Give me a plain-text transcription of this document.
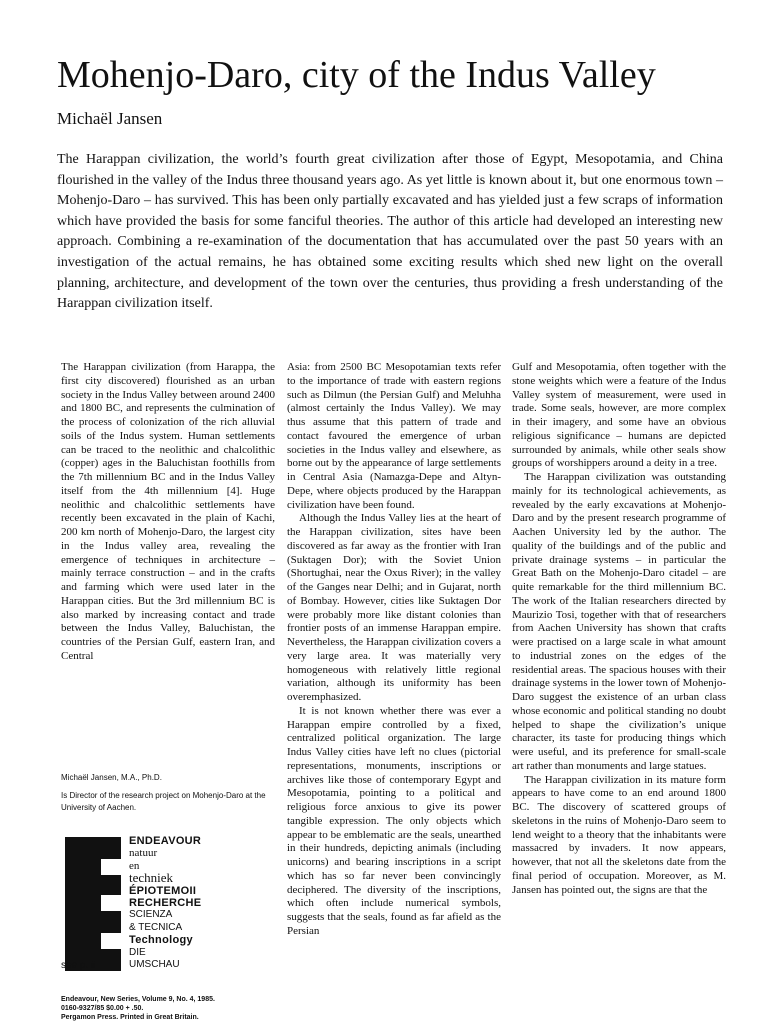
Mohenjo-Daro, city of the Indus Valley

Michaël Jansen

The Harappan civilization, the world’s fourth great civilization after those of Egypt, Mesopotamia, and China flourished in the valley of the Indus three thousand years ago. As yet little is known about it, but one enormous town – Mohenjo-Daro – has survived. This has been only partially excavated and has yielded just a few scraps of information which have provided the basis for some fanciful theories. The author of this article had developed an interesting new approach. Combining a re-examination of the documentation that has accumulated over the past 50 years with an investigation of the actual remains, he has obtained some exciting results which shed new light on the overall planning, architecture, and development of the town over the centuries, thus providing a fresh understanding of the Harappan civilization itself.

The Harappan civilization (from Harappa, the first city discovered) flourished as an urban society in the Indus Valley between around 2400 and 1800 BC, and represents the culmination of the process of colonization of the rich alluvial soils of the Indus system. Human settlements can be traced to the neolithic and chalcolithic (copper) ages in the Baluchistan foothills from the 7th millennium BC and in the Indus Valley itself from the 4th millennium [4]. Huge neolithic and chalcolithic settlements have recently been excavated in the plain of Kachi, 200 km north of Mohenjo-Daro, the largest city in the Indus valley area, revealing the emergence of techniques in architecture – mainly terrace construction – and in the crafts and farming which were used later in the Harappan cities. But the 3rd millennium BC is also marked by increasing contact and trade between the Indus Valley, Baluchistan, the countries of the Persian Gulf, eastern Iran, and Central

Asia: from 2500 BC Mesopotamian texts refer to the importance of trade with eastern regions such as Dilmun (the Persian Gulf) and Meluhha (almost certainly the Indus Valley). We may thus assume that this pattern of trade and contact favoured the emergence of urban societies in the Indus valley and elsewhere, as borne out by the appearance of large settlements in Central Asia (Namazga-Depe and Altyn-Depe, where objects produced by the Harappan civilization have been found.

Although the Indus Valley lies at the heart of the Harappan civilization, sites have been discovered as far away as the frontier with Iran (Suktagen Dor); with the Soviet Union (Shortughai, near the Oxus River); in the valley of the Ganges near Delhi; and in Gujarat, north of Bombay. However, cities like Suktagen Dor were probably more like distant colonies than frontier posts of an immense Harappan empire. Nevertheless, the Harappan civilization covers a very large area. It was materially very homogeneous with relatively little regional variation, although its uniformity has been overemphasized.

It is not known whether there was ever a Harappan empire controlled by a fixed, centralized political organization. The large Indus Valley cities have left no clues (pictorial representations, monuments, inscriptions or archives like those of contemporary Egypt and Mesopotamia, pointing to a political and religious force anxious to give its power tangible expression. The only objects which appear to be emblematic are the seals, unearthed in their hundreds, depicting animals (including unicorns) and bearing inscriptions in a script which has so far never been convincingly deciphered. The diversity of the inscriptions, which often include numerical symbols, suggests that the seals, found as far afield as the Persian

Gulf and Mesopotamia, often together with the stone weights which were a feature of the Indus Valley system of measurement, were used in trade. Some seals, however, are more complex in their imagery, and some have an obvious religious significance – humans are depicted surrounded by animals, while other seals show groups of worshippers around a deity in a tree.

The Harappan civilization was outstanding mainly for its technological achievements, as revealed by the early excavations at Mohenjo-Daro and by the present research programme of Aachen University led by the author. The quality of the buildings and of the public and private drainage systems – in particular the Great Bath on the Mohenjo-Daro citadel – are quite remarkable for the third millennium BC. The work of the Italian researchers directed by Maurizio Tosi, together with that of researchers from Aachen University has shown that crafts were practised on a large scale in what amount to industrial zones on the edges of the residential areas. The spacious houses with their drainage systems in the lower town of Mohenjo-Daro suggest the existence of an urban class whose economic and political standing no doubt helped to shape the civilization’s unique character, its taste for producing things which were useful, and its preference for small-scale art rather than monuments and large statues.

The Harappan civilization in its mature form appears to have come to an end around 1800 BC. The discovery of scattered groups of skeletons in the ruins of Mohenjo-Daro seem to lend weight to a theory that the inhabitants were massacred by invaders. It now appears, however, that not all the skeletons date from the final period of occupation. Moreover, as M. Jansen has pointed out, the signs are that the

Michaël Jansen, M.A., Ph.D.

Is Director of the research project on Mohenjo-Daro at the University of Aachen.

ENDEAVOUR
natuur
en
techniek
ÉPIOTEMOII
RECHERCHE
SCIENZA
& TECNICA
Technology
DIE
UMSCHAU
see p. ii
Endeavour, New Series, Volume 9, No. 4, 1985.
0160-9327/85 $0.00 + .50.
Pergamon Press. Printed in Great Britain.
